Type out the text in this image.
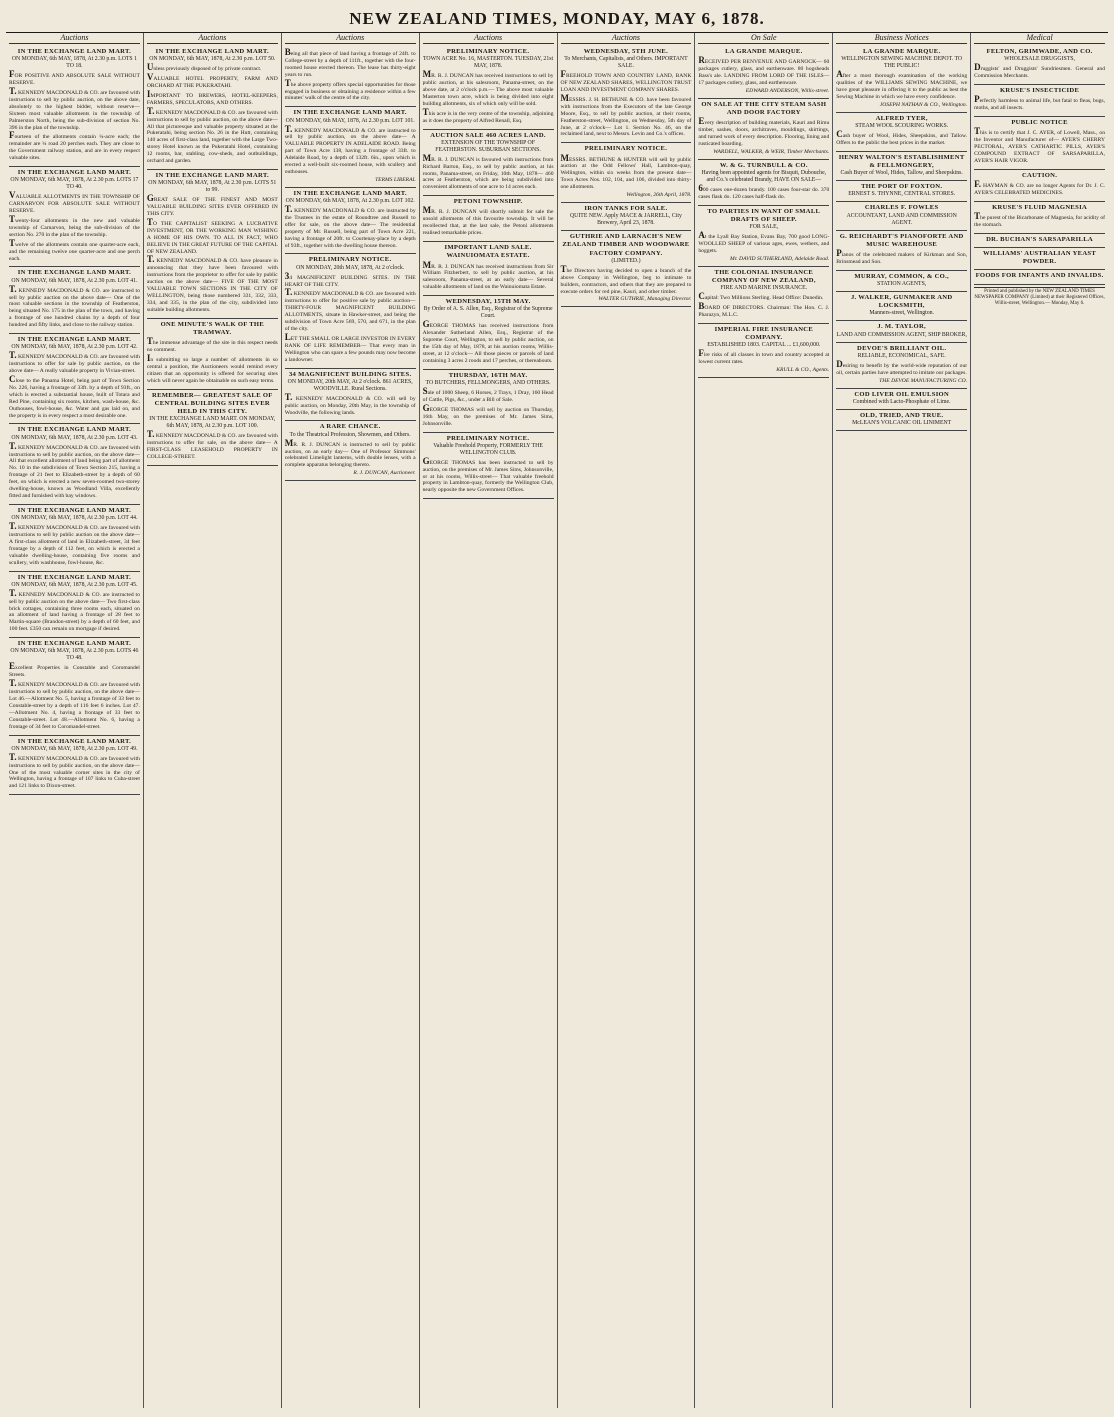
NEW ZEALAND TIMES, MONDAY, MAY 6, 1878.
Auctions
IN THE EXCHANGE LAND MART.
ON MONDAY, 6th MAY, 1878, At 2.30 p.m. LOTS 1 TO 18.

FOR POSITIVE AND ABSOLUTE SALE WITHOUT RESERVE.

T. KENNEDY MACDONALD & CO. are favoured with instructions to sell by public auction, on the above date, absolutely to the highest bidder, without reserve— Sixteen most valuable allotments in the township of Palmerston North, being the sub-division of section No. 396 in the plan of the township.

Fourteen of the allotments contain ¼-acre each; the remainder are ¼ road 20 perches each. They are close to the Government railway station, and are in every respect valuable sites.

IN THE EXCHANGE LAND MART.
ON MONDAY, 6th MAY, 1878, At 2.30 p.m. LOTS 17 TO 40.

VALUABLE ALLOTMENTS IN THE TOWNSHIP OF CARNARVON FOR ABSOLUTE SALE WITHOUT RESERVE.

Twenty-four allotments in the new and valuable township of Carnarvon, being the sub-division of the section No. 270 in the plan of the township.

Twelve of the allotments contain one quarter-acre each, and the remaining twelve one quarter-acre and one perch each.

IN THE EXCHANGE LAND MART.
ON MONDAY, 6th MAY, 1878, At 2.30 p.m. LOT 41.

T. KENNEDY MACDONALD & CO. are instructed to sell by public auction on the above date— One of the most valuable sections in the township of Featherston, being situated No. 175 in the plan of the town, and having a frontage of one hundred chains by a depth of four hundred and fifty links, and close to the railway station.

IN THE EXCHANGE LAND MART.
ON MONDAY, 6th MAY, 1878, At 2.30 p.m. LOT 42.

T. KENNEDY MACDONALD & CO. are favoured with instructions to offer for sale by public auction, on the above date— A really valuable property in Vivian-street.

Close to the Panama Hotel, being part of Town Section No. 226, having a frontage of 33ft. by a depth of 93ft., on which is erected a substantial house, built of Totara and Red Pine, containing six rooms, kitchen, wash-house, &c. Outhouses, fowl-house, &c. Water and gas laid on, and the property is in every respect a most desirable one.

IN THE EXCHANGE LAND MART.
ON MONDAY, 6th MAY, 1878, At 2.30 p.m. LOT 43.

T. KENNEDY MACDONALD & CO. are favoured with instructions to sell by public auction, on the above date— All that excellent allotment of land being part of allotment No. 10 in the subdivision of Town Section 215, having a frontage of 21 feet to Elizabeth-street by a depth of 60 feet, on which is erected a new seven-roomed two-storey dwelling-house, known as Woodland Villa, excellently fitted and furnished with bay windows.

IN THE EXCHANGE LAND MART.
ON MONDAY, 6th MAY, 1878, At 2.30 p.m. LOT 44.

T. KENNEDY MACDONALD & CO. are favoured with instructions to sell by public auction on the above date— A first-class allotment of land in Elizabeth-street, 34 feet frontage by a depth of 112 feet, on which is erected a valuable dwelling-house, containing five rooms and scullery, with washhouse, fowl-house, &c.

IN THE EXCHANGE LAND MART.
ON MONDAY, 6th MAY, 1878, At 2.30 p.m. LOT 45.

T. KENNEDY MACDONALD & CO. are instructed to sell by public auction on the above date— Two first-class brick cottages, containing three rooms each, situated on an allotment of land having a frontage of 28 feet to Martin-square (Brandon-street) by a depth of 60 feet, and 100 feet. £350 can remain on mortgage if desired.

IN THE EXCHANGE LAND MART.
ON MONDAY, 6th MAY, 1878, At 2.30 p.m. LOTS 46 TO 48.

Excellent Properties in Constable and Coromandel Streets.

T. KENNEDY MACDONALD & CO. are favoured with instructions to sell by public auction, on the above date— Lot 46.—Allotment No. 5, having a frontage of 33 feet to Constable-street by a depth of 116 feet 6 inches. Lot 47.—Allotment No. 4, having a frontage of 33 feet to Constable-street. Lot 48.—Allotment No. 6, having a frontage of 34 feet to Coromandel-street.

IN THE EXCHANGE LAND MART.
ON MONDAY, 6th MAY, 1878, At 2.30 p.m. LOT 49.

T. KENNEDY MACDONALD & CO. are favoured with instructions to sell by public auction, on the above date— One of the most valuable corner sites in the city of Wellington, having a frontage of 107 links to Cuba-street and 121 links to Dixon-street.

Auctions
IN THE EXCHANGE LAND MART.
ON MONDAY, 6th MAY, 1878, At 2.30 p.m. LOT 50.

Unless previously disposed of by private contract.

VALUABLE HOTEL PROPERTY, FARM AND ORCHARD AT THE PUKERATAHI.

IMPORTANT TO BREWERS, HOTEL-KEEPERS, FARMERS, SPECULATORS, AND OTHERS.

T. KENNEDY MACDONALD & CO. are favoured with instructions to sell by public auction, on the above date— All that picturesque and valuable property situated at the Pukeratahi, being section No. 26 in the Hutt, containing 140 acres of first-class land, together with the Large Two-storey Hotel known as the Pukeratahi Hotel, containing 12 rooms, bar, stabling, cow-sheds, and outbuildings, orchard and garden.

IN THE EXCHANGE LAND MART.
ON MONDAY, 6th MAY, 1878, At 2.30 p.m. LOTS 51 to 99.

GREAT SALE OF THE FINEST AND MOST VALUABLE BUILDING SITES EVER OFFERED IN THIS CITY.

TO THE CAPITALIST SEEKING A LUCRATIVE INVESTMENT, OR THE WORKING MAN WISHING A HOME OF HIS OWN. TO ALL IN FACT, WHO BELIEVE IN THE GREAT FUTURE OF THE CAPITAL OF NEW ZEALAND.

T. KENNEDY MACDONALD & CO. have pleasure in announcing that they have been favoured with instructions from the proprietor to offer for sale by public auction on the above date— FIVE OF THE MOST VALUABLE TOWN SECTIONS IN THE CITY OF WELLINGTON, being those numbered 331, 332, 333, 334, and 335, in the plan of the city, subdivided into suitable building allotments.

ONE MINUTE'S WALK OF THE TRAMWAY.

The immense advantage of the site in this respect needs no comment.

In submitting so large a number of allotments in so central a position, the Auctioneers would remind every citizen that an opportunity is offered for securing sites which will never again be obtainable on such easy terms.

REMEMBER— GREATEST SALE OF CENTRAL BUILDING SITES EVER HELD IN THIS CITY.
IN THE EXCHANGE LAND MART. ON MONDAY, 6th MAY, 1878, At 2.30 p.m. LOT 100.

T. KENNEDY MACDONALD & CO. are favoured with instructions to offer for sale, on the above date— A FIRST-CLASS LEASEHOLD PROPERTY IN COLLEGE-STREET.

Auctions

Being all that piece of land having a frontage of 24ft. to College-street by a depth of 111ft., together with the four-roomed house erected thereon. The lease has thirty-eight years to run.

The above property offers special opportunities for those engaged in business or obtaining a residence within a few minutes' walk of the centre of the city.

IN THE EXCHANGE LAND MART.
ON MONDAY, 6th MAY, 1878, At 2.30 p.m. LOT 101.

T. KENNEDY MACDONALD & CO. are instructed to sell by public auction, on the above date— A VALUABLE PROPERTY IN ADELAIDE ROAD. Being part of Town Acre 138, having a frontage of 33ft. to Adelaide Road, by a depth of 132ft. 6in., upon which is erected a well-built six-roomed house, with scullery and outhouses.

TERMS LIBERAL
IN THE EXCHANGE LAND MART.
ON MONDAY, 6th MAY, 1878, At 2.30 p.m. LOT 102.

T. KENNEDY MACDONALD & CO. are instructed by the Trustees in the estate of Roundtree and Russell to offer for sale, on the above date— The residential property of Mr. Russell, being part of Town Acre 221, having a frontage of 20ft. to Courtenay-place by a depth of 93ft., together with the dwelling house thereon.

PRELIMINARY NOTICE.
ON MONDAY, 20th MAY, 1878, At 2 o'clock.

34 MAGNIFICENT BUILDING SITES. IN THE HEART OF THE CITY.

T. KENNEDY MACDONALD & CO. are favoured with instructions to offer for positive sale by public auction— THIRTY-FOUR MAGNIFICENT BUILDING ALLOTMENTS, situate in Hawker-street, and being the subdivision of Town Acre 569, 570, and 671, in the plan of the city.

LET THE SMALL OR LARGE INVESTOR IN EVERY RANK OF LIFE REMEMBER— That every man in Wellington who can spare a few pounds may now become a landowner.

34 MAGNIFICENT BUILDING SITES.
ON MONDAY, 20th MAY, At 2 o'clock. 861 ACRES, WOODVILLE. Rural Sections.

T. KENNEDY MACDONALD & CO. will sell by public auction, on Monday, 20th May, in the township of Woodville, the following lands.

A RARE CHANCE.
To the Theatrical Profession, Showmen, and Others.

MR. R. J. DUNCAN is instructed to sell by public auction, on an early day— One of Professor Simmons' celebrated Limelight lanterns, with double lenses, with a complete apparatus belonging thereto.

R. J. DUNCAN, Auctioneer.
Auctions
PRELIMINARY NOTICE.
TOWN ACRE No. 16, MASTERTON. TUESDAY, 21st MAY, 1878.

MR. R. J. DUNCAN has received instructions to sell by public auction, at his salesroom, Panama-street, on the above date, at 2 o'clock p.m.— The above most valuable Masterton town acre, which is being divided into eight building allotments, six of which only will be sold.

This acre is in the very centre of the township, adjoining as it does the property of Alfred Renall, Esq.

AUCTION SALE 460 ACRES LAND.
EXTENSION OF THE TOWNSHIP OF FEATHERSTON. SUBURBAN SECTIONS.

MR. R. J. DUNCAN is favoured with instructions from Richard Barton, Esq., to sell by public auction, at his rooms, Panama-street, on Friday, 10th May, 1878— 460 acres at Featherston, which are being subdivided into convenient allotments of one acre to 14 acres each.

PETONI TOWNSHIP.

MR. R. J. DUNCAN will shortly submit for sale the unsold allotments of this favourite township. It will be recollected that, at the last sale, the Petoni allotments realised remarkable prices.

IMPORTANT LAND SALE. WAINUIOMATA ESTATE.

MR. R. J. DUNCAN has received instructions from Sir William Fitzherbert, to sell by public auction, at his salesroom, Panama-street, at an early date— Several valuable allotments of land on the Wainuiomata Estate.

WEDNESDAY, 15TH MAY.
By Order of A. S. Allen, Esq., Registrar of the Supreme Court.

GEORGE THOMAS has received instructions from Alexander Sutherland Allen, Esq., Registrar of the Supreme Court, Wellington, to sell by public auction, on the 15th day of May, 1878, at his auction rooms, Willis-street, at 12 o'clock— All those pieces or parcels of land containing 3 acres 2 roods and 17 perches, or thereabouts.

THURSDAY, 16TH MAY.
TO BUTCHERS, FELLMONGERS, AND OTHERS.

Sale of 1000 Sheep, 6 Horses, 2 Trays, 1 Dray, 160 Head of Cattle, Pigs, &c., under a Bill of Sale.

GEORGE THOMAS will sell by auction on Thursday, 16th May, on the premises of Mr. James Sims, Johnsonville.

PRELIMINARY NOTICE.
Valuable Freehold Property, FORMERLY THE WELLINGTON CLUB.

GEORGE THOMAS has been instructed to sell by auction, on the premises of Mr. James Sims, Johnsonville, or at his rooms, Willis-street— That valuable freehold property in Lambton-quay, formerly the Wellington Club, nearly opposite the new Government Offices.

Auctions
WEDNESDAY, 5TH JUNE.
To Merchants, Capitalists, and Others. IMPORTANT SALE.

FREEHOLD TOWN AND COUNTRY LAND, BANK OF NEW ZEALAND SHARES, WELLINGTON TRUST LOAN AND INVESTMENT COMPANY SHARES.

MESSRS. J. H. BETHUNE & CO. have been favoured with instructions from the Executors of the late George Moore, Esq., to sell by public auction, at their rooms, Featherston-street, Wellington, on Wednesday, 5th day of June, at 2 o'clock— Lot 1. Section No. 46, on the reclaimed land, next to Messrs. Levin and Co.'s offices.

PRELIMINARY NOTICE.

MESSRS. BETHUNE & HUNTER will sell by public auction at the Odd Fellows' Hall, Lambton-quay, Wellington, within six weeks from the present date— Town Acres Nos. 102, 104, and 106, divided into thirty-one allotments.

Wellington, 26th April, 1878.
IRON TANKS FOR SALE.
QUITE NEW. Apply MACE & JARRELL, City Brewery, April 23, 1878.
GUTHRIE AND LARNACH'S NEW ZEALAND TIMBER AND WOODWARE FACTORY COMPANY.
(LIMITED.)

The Directors having decided to open a branch of the above Company in Wellington, beg to intimate to builders, contractors, and others that they are prepared to execute orders for red pine, Kauri, and other timber.

WALTER GUTHRIE, Managing Director.
On Sale
LA GRANDE MARQUE.

RECEIVED PER BENVENUE AND GARNOCK— 60 packages cutlery, glass, and earthenware. 80 hogsheads Bass's ale. LANDING FROM LORD OF THE ISLES— 17 packages cutlery, glass, and earthenware.

EDWARD ANDERSON, Willis-street.
ON SALE AT THE CITY STEAM SASH AND DOOR FACTORY

Every description of building materials, Kauri and Rimu timber, sashes, doors, architraves, mouldings, skirtings, and turned work of every description. Flooring, lining and rusticated boarding.

WARDELL, WALKER, & WEIR, Timber Merchants.
W. & G. TURNBULL & CO.
Having been appointed agents for Bisquit, Dubouche, and Co.'s celebrated Brandy, HAVE ON SALE—

600 cases one-dozen brandy. 100 cases four-star do. 370 cases flask do. 120 cases half-flask do.

TO PARTIES IN WANT OF SMALL DRAFTS OF SHEEP.
FOR SALE,

At the Lyall Bay Station, Evans Bay, 700 good LONG-WOOLLED SHEEP of various ages, ewes, wethers, and hoggets.

Mr. DAVID SUTHERLAND, Adelaide Road.
THE COLONIAL INSURANCE COMPANY OF NEW ZEALAND,
FIRE AND MARINE INSURANCE.

Capital: Two Millions Sterling. Head Office: Dunedin.

BOARD OF DIRECTORS. Chairman: The Hon. C. J. Pharazyn, M.L.C.

IMPERIAL FIRE INSURANCE COMPANY.
ESTABLISHED 1803. CAPITAL ... £1,600,000.

Fire risks of all classes in town and country accepted at lowest current rates.

KRULL & CO., Agents.
Business Notices
LA GRANDE MARQUE.
WELLINGTON SEWING MACHINE DEPOT. TO THE PUBLIC!

After a most thorough examination of the working qualities of the WILLIAMS SEWING MACHINE, we have great pleasure in offering it to the public as best the Sewing Machine in which we have every confidence.

JOSEPH NATHAN & CO., Wellington.
ALFRED TYER,
STEAM WOOL SCOURING WORKS.

Cash buyer of Wool, Hides, Sheepskins, and Tallow. Offers to the public the best prices in the market.

HENRY WALTON'S ESTABLISHMENT & FELLMONGERY,
Cash Buyer of Wool, Hides, Tallow, and Sheepskins.
THE PORT OF FOXTON.
ERNEST S. THYNNE, CENTRAL STORES.
CHARLES F. FOWLES
ACCOUNTANT, LAND AND COMMISSION AGENT.
G. REICHARDT'S PIANOFORTE AND MUSIC WAREHOUSE

Pianos of the celebrated makers of Kirkman and Son, Brinsmead and Son.

MURRAY, COMMON, & CO.,
STATION AGENTS,
J. WALKER, GUNMAKER AND LOCKSMITH,
Manners-street, Wellington.
J. M. TAYLOR,
LAND AND COMMISSION AGENT, SHIP BROKER,
DEVOE'S BRILLIANT OIL.
RELIABLE, ECONOMICAL, SAFE.

Desiring to benefit by the world-wide reputation of our oil, certain parties have attempted to imitate our packages.

THE DEVOE MANUFACTURING CO.
COD LIVER OIL EMULSION
Combined with Lacto-Phosphate of Lime.
OLD, TRIED, AND TRUE.
McLEAN'S VOLCANIC OIL LINIMENT
Medical
FELTON, GRIMWADE, AND CO.
WHOLESALE DRUGGISTS,

Druggists' and Druggists' Sundriesmen. General and Commission Merchants.

KRUSE'S INSECTICIDE

Perfectly harmless to animal life, but fatal to fleas, bugs, moths, and all insects.

PUBLIC NOTICE

This is to certify that J. C. AYER, of Lowell, Mass., on the Inventor and Manufacturer of— AYER'S CHERRY PECTORAL, AYER'S CATHARTIC PILLS, AYER'S COMPOUND EXTRACT OF SARSAPARILLA, AYER'S HAIR VIGOR.

CAUTION.

F. HAYMAN & CO. are no longer Agents for Dr. J. C. AYER'S CELEBRATED MEDICINES.

KRUSE'S FLUID MAGNESIA

The purest of the Bicarbonate of Magnesia, for acidity of the stomach.

DR. BUCHAN'S SARSAPARILLA
WILLIAMS' AUSTRALIAN YEAST POWDER.
FOODS FOR INFANTS AND INVALIDS.
Printed and published by the NEW ZEALAND TIMES NEWSPAPER COMPANY (Limited) at their Registered Offices, Willis-street, Wellington.— Monday, May 6.
